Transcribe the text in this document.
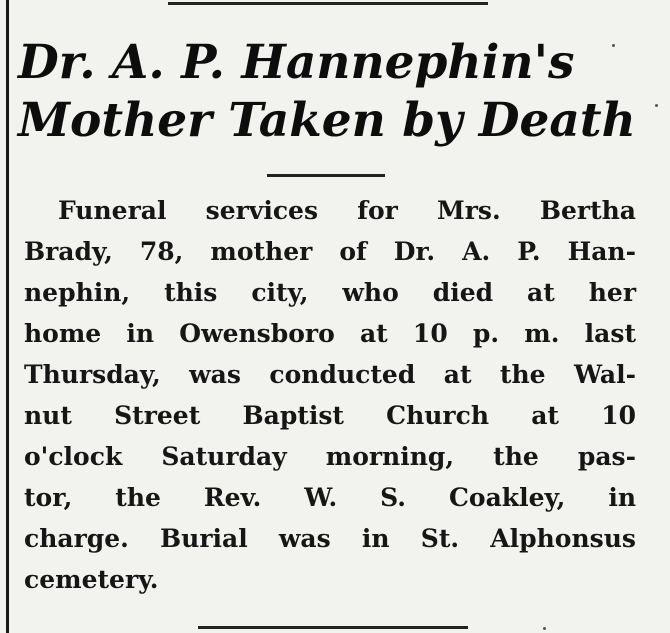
Dr. A. P. Hannephin's
Mother Taken by Death
Funeral services for Mrs. Bertha
Brady, 78, mother of Dr. A. P. Han-
nephin, this city, who died at her
home in Owensboro at 10 p. m. last
Thursday, was conducted at the Wal-
nut Street Baptist Church at 10
o'clock Saturday morning, the pas-
tor, the Rev. W. S. Coakley, in
charge. Burial was in St. Alphonsus
cemetery.
